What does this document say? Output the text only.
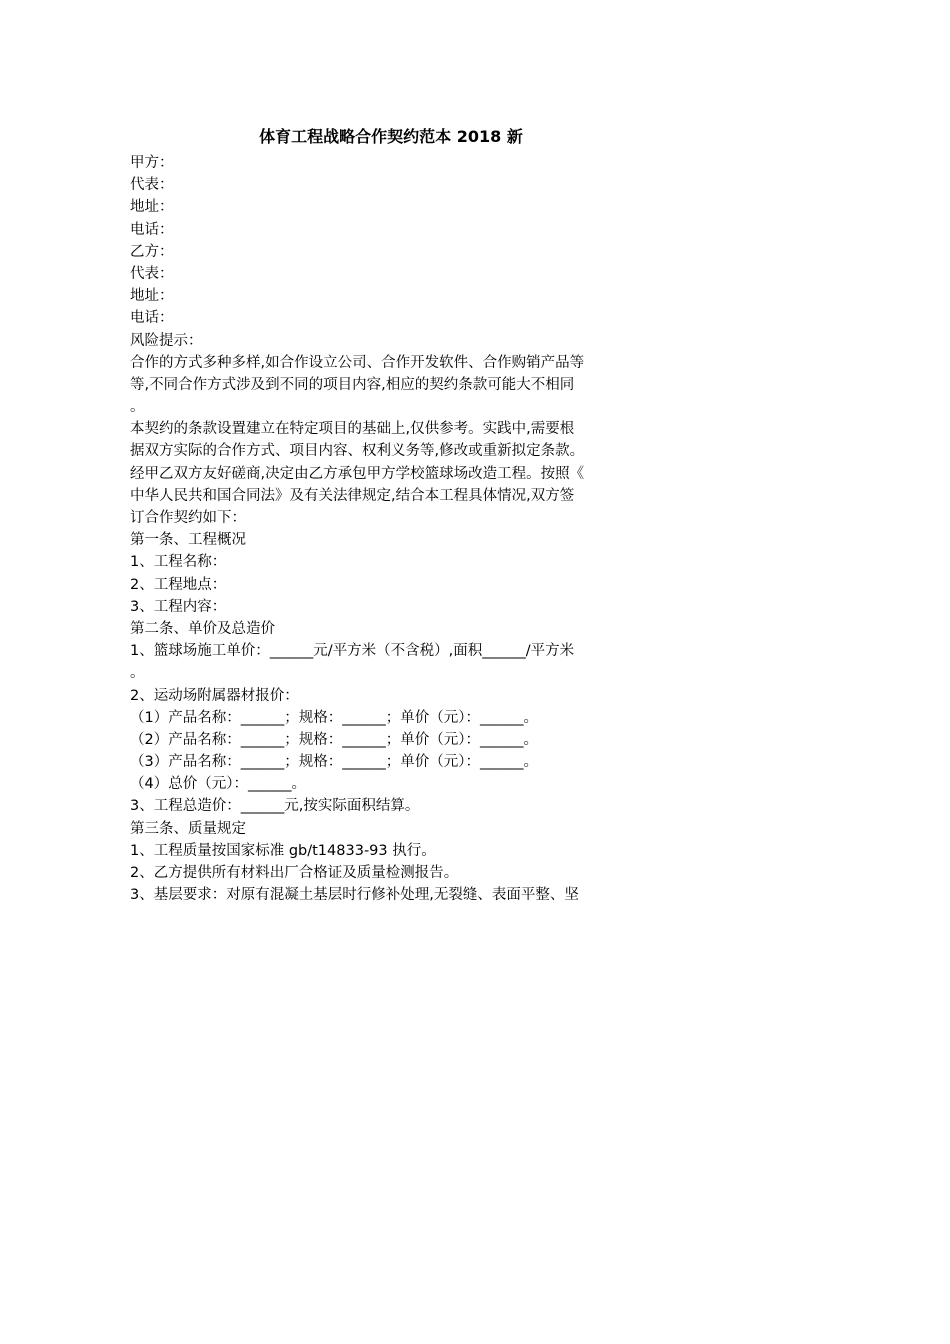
体育工程战略合作契约范本 2018 新

甲方：

代表：

地址：

电话：

乙方：

代表：

地址：

电话：

风险提示：

合作的方式多种多样,如合作设立公司、合作开发软件、合作购销产品等

等,不同合作方式涉及到不同的项目内容,相应的契约条款可能大不相同

。

本契约的条款设置建立在特定项目的基础上,仅供参考。实践中,需要根

据双方实际的合作方式、项目内容、权利义务等,修改或重新拟定条款。

经甲乙双方友好磋商,决定由乙方承包甲方学校篮球场改造工程。按照《

中华人民共和国合同法》及有关法律规定,结合本工程具体情况,双方签

订合作契约如下：

第一条、工程概况

1、工程名称：

2、工程地点：

3、工程内容：

第二条、单价及总造价

1、篮球场施工单价：______元/平方米（不含税）,面积______/平方米

。

2、运动场附属器材报价：

（1）产品名称：______；规格：______；单价（元）：______。

（2）产品名称：______；规格：______；单价（元）：______。

（3）产品名称：______；规格：______；单价（元）：______。

（4）总价（元）：______。

3、工程总造价：______元,按实际面积结算。

第三条、质量规定

1、工程质量按国家标准 gb/t14833-93 执行。

2、乙方提供所有材料出厂合格证及质量检测报告。

3、基层要求：对原有混凝土基层时行修补处理,无裂缝、表面平整、坚
